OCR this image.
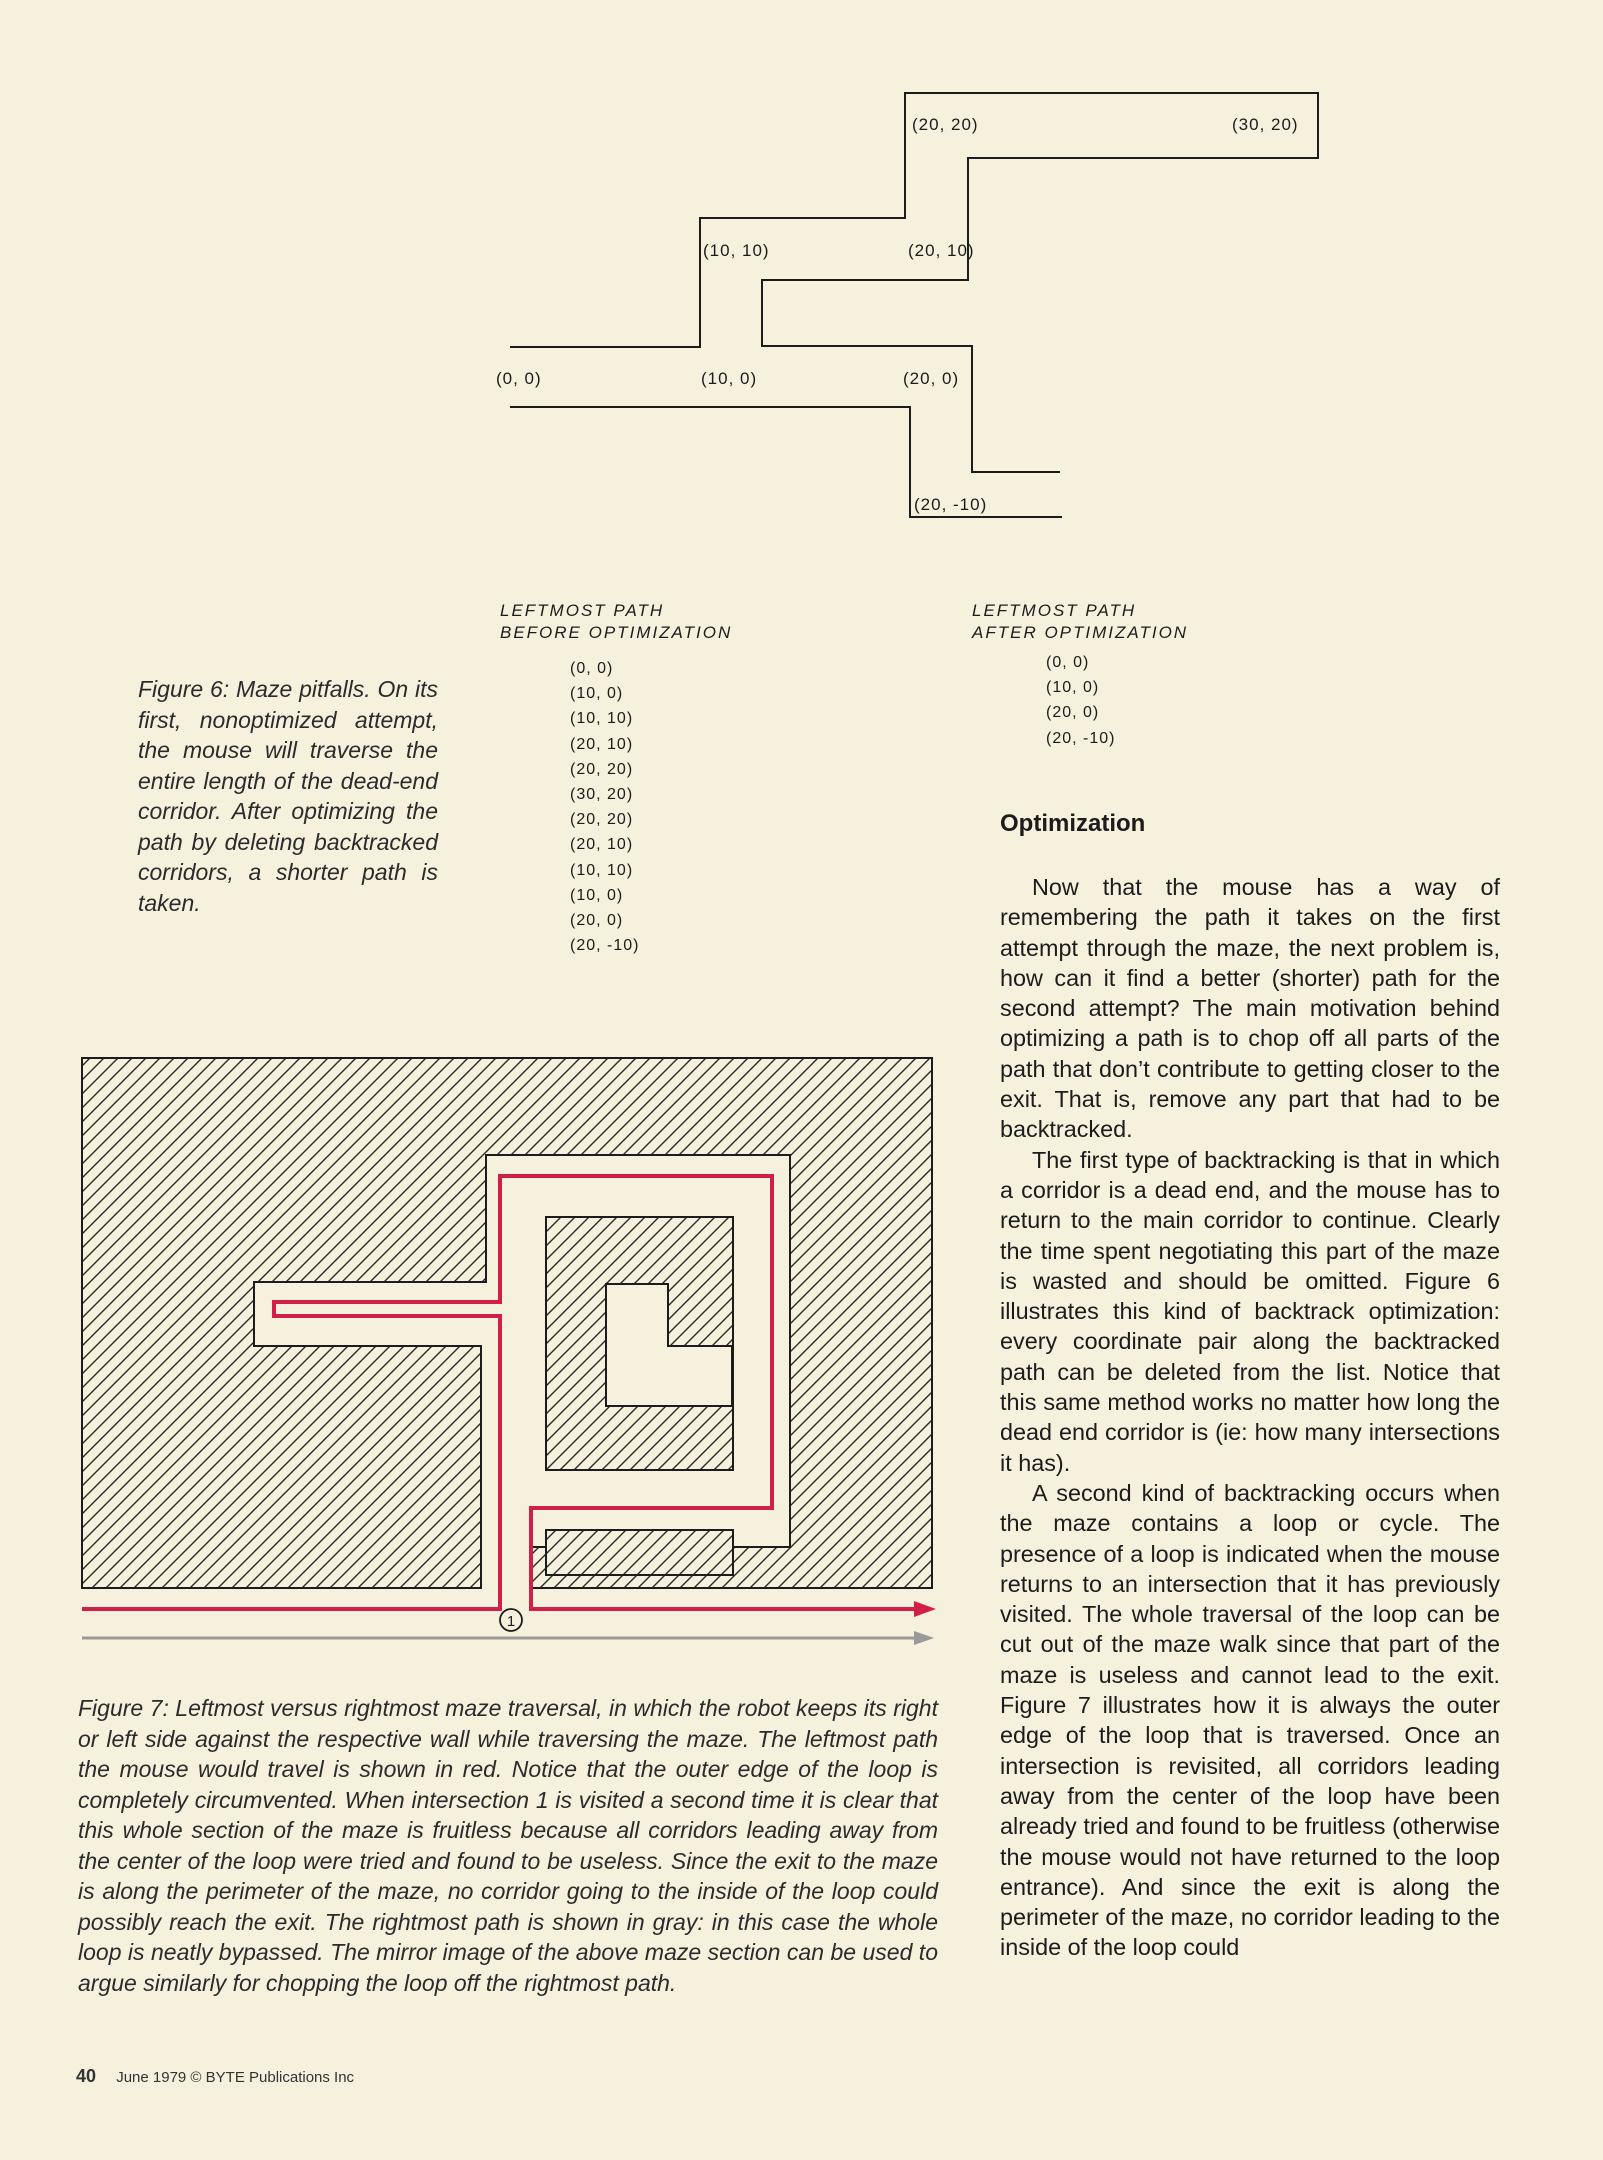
(20, 20)	(30, 20)
(10, 10)	(20, 10)
(0, 0)	(10, 0)	(20, 0)
(20, -10)

LEFTMOST PATH
BEFORE OPTIMIZATION

(0, 0)
(10, 0)
(10, 10)
(20, 10)
(20, 20)
(30, 20)
(20, 20)
(20, 10)
(10, 10)
(10, 0)
(20, 0)
(20, -10)

LEFTMOST PATH
AFTER OPTIMIZATION

(0, 0)
(10, 0)
(20, 0)
(20, -10)

Figure 6: Maze pitfalls. On its first, nonoptimized attempt, the mouse will traverse the entire length of the dead-end corridor. After optimizing the path by deleting backtracked corridors, a shorter path is taken.

1

Figure 7: Leftmost versus rightmost maze traversal, in which the robot keeps its right or left side against the respective wall while traversing the maze. The leftmost path the mouse would travel is shown in red. Notice that the outer edge of the loop is completely circumvented. When intersection 1 is visited a second time it is clear that this whole section of the maze is fruitless because all corridors leading away from the center of the loop were tried and found to be useless. Since the exit to the maze is along the perimeter of the maze, no corridor going to the inside of the loop could possibly reach the exit. The rightmost path is shown in gray: in this case the whole loop is neatly bypassed. The mirror image of the above maze section can be used to argue similarly for chopping the loop off the rightmost path.

Optimization

Now that the mouse has a way of remembering the path it takes on the first attempt through the maze, the next problem is, how can it find a better (shorter) path for the second attempt? The main motivation behind optimizing a path is to chop off all parts of the path that don’t contribute to getting closer to the exit. That is, remove any part that had to be backtracked.

The first type of backtracking is that in which a corridor is a dead end, and the mouse has to return to the main corridor to continue. Clearly the time spent negotiating this part of the maze is wasted and should be omitted. Figure 6 illustrates this kind of backtrack optimization: every coordinate pair along the backtracked path can be deleted from the list. Notice that this same method works no matter how long the dead end corridor is (ie: how many intersections it has).

A second kind of backtracking occurs when the maze contains a loop or cycle. The presence of a loop is indicated when the mouse returns to an intersection that it has previously visited. The whole traversal of the loop can be cut out of the maze walk since that part of the maze is useless and cannot lead to the exit. Figure 7 illustrates how it is always the outer edge of the loop that is traversed. Once an intersection is revisited, all corridors leading away from the center of the loop have been already tried and found to be fruitless (otherwise the mouse would not have returned to the loop entrance). And since the exit is along the perimeter of the maze, no corridor leading to the inside of the loop could

40 June 1979 © BYTE Publications Inc
